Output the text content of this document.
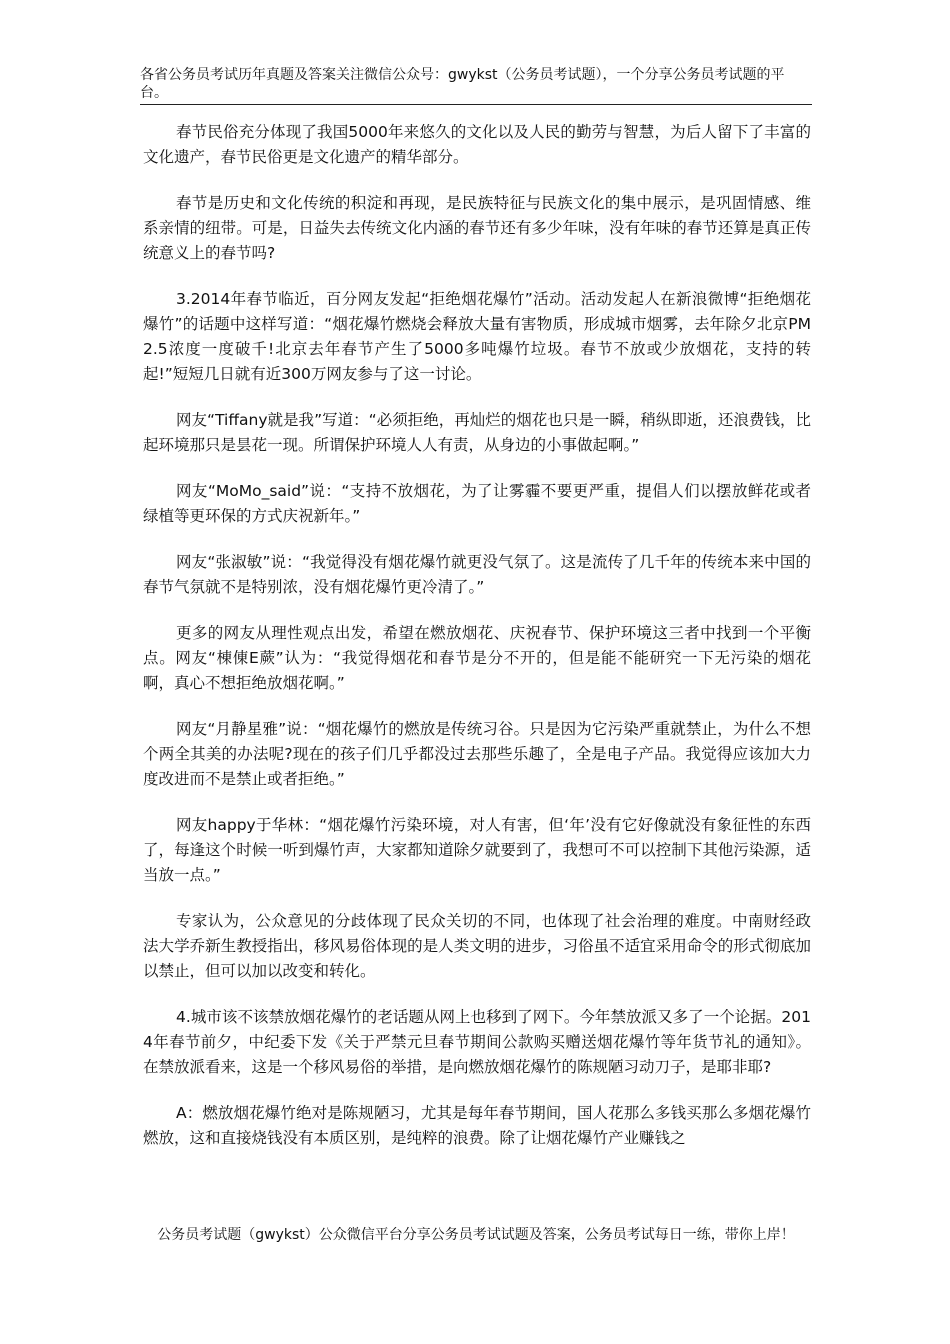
各省公务员考试历年真题及答案关注微信公众号：gwykst（公务员考试题），一个分享公务员考试题的平台。

春节民俗充分体现了我国5000年来悠久的文化以及人民的勤劳与智慧，为后人留下了丰富的文化遗产，春节民俗更是文化遗产的精华部分。

春节是历史和文化传统的积淀和再现，是民族特征与民族文化的集中展示，是巩固情感、维系亲情的纽带。可是，日益失去传统文化内涵的春节还有多少年味，没有年味的春节还算是真正传统意义上的春节吗?

3.2014年春节临近，百分网友发起“拒绝烟花爆竹”活动。活动发起人在新浪微博“拒绝烟花爆竹”的话题中这样写道：“烟花爆竹燃烧会释放大量有害物质，形成城市烟雾，去年除夕北京PM2.5浓度一度破千!北京去年春节产生了5000多吨爆竹垃圾。春节不放或少放烟花，支持的转起!”短短几日就有近300万网友参与了这一讨论。

网友“Tiffany就是我”写道：“必须拒绝，再灿烂的烟花也只是一瞬，稍纵即逝，还浪费钱，比起环境那只是昙花一现。所谓保护环境人人有责，从身边的小事做起啊。”

网友“MoMo_said”说：“支持不放烟花，为了让雾霾不要更严重，提倡人们以摆放鲜花或者绿植等更环保的方式庆祝新年。”

网友“张淑敏”说：“我觉得没有烟花爆竹就更没气氛了。这是流传了几千年的传统本来中国的春节气氛就不是特别浓，没有烟花爆竹更冷清了。”

更多的网友从理性观点出发，希望在燃放烟花、庆祝春节、保护环境这三者中找到一个平衡点。网友“棟倲E蕨”认为：“我觉得烟花和春节是分不开的，但是能不能研究一下无污染的烟花啊，真心不想拒绝放烟花啊。”

网友“月静星雅”说：“烟花爆竹的燃放是传统习谷。只是因为它污染严重就禁止，为什么不想个两全其美的办法呢?现在的孩子们几乎都没过去那些乐趣了，全是电子产品。我觉得应该加大力度改进而不是禁止或者拒绝。”

网友happy于华林：“烟花爆竹污染环境，对人有害，但‘年’没有它好像就没有象征性的东西了，每逢这个时候一听到爆竹声，大家都知道除夕就要到了，我想可不可以控制下其他污染源，适当放一点。”

专家认为，公众意见的分歧体现了民众关切的不同，也体现了社会治理的难度。中南财经政法大学乔新生教授指出，移风易俗体现的是人类文明的进步，习俗虽不适宜采用命令的形式彻底加以禁止，但可以加以改变和转化。

4.城市该不该禁放烟花爆竹的老话题从网上也移到了网下。今年禁放派又多了一个论据。2014年春节前夕，中纪委下发《关于严禁元旦春节期间公款购买赠送烟花爆竹等年货节礼的通知》。在禁放派看来，这是一个移风易俗的举措，是向燃放烟花爆竹的陈规陋习动刀子，是耶非耶?

A：燃放烟花爆竹绝对是陈规陋习，尤其是每年春节期间，国人花那么多钱买那么多烟花爆竹燃放，这和直接烧钱没有本质区别，是纯粹的浪费。除了让烟花爆竹产业赚钱之

公务员考试题（gwykst）公众微信平台分享公务员考试试题及答案，公务员考试每日一练，带你上岸！
